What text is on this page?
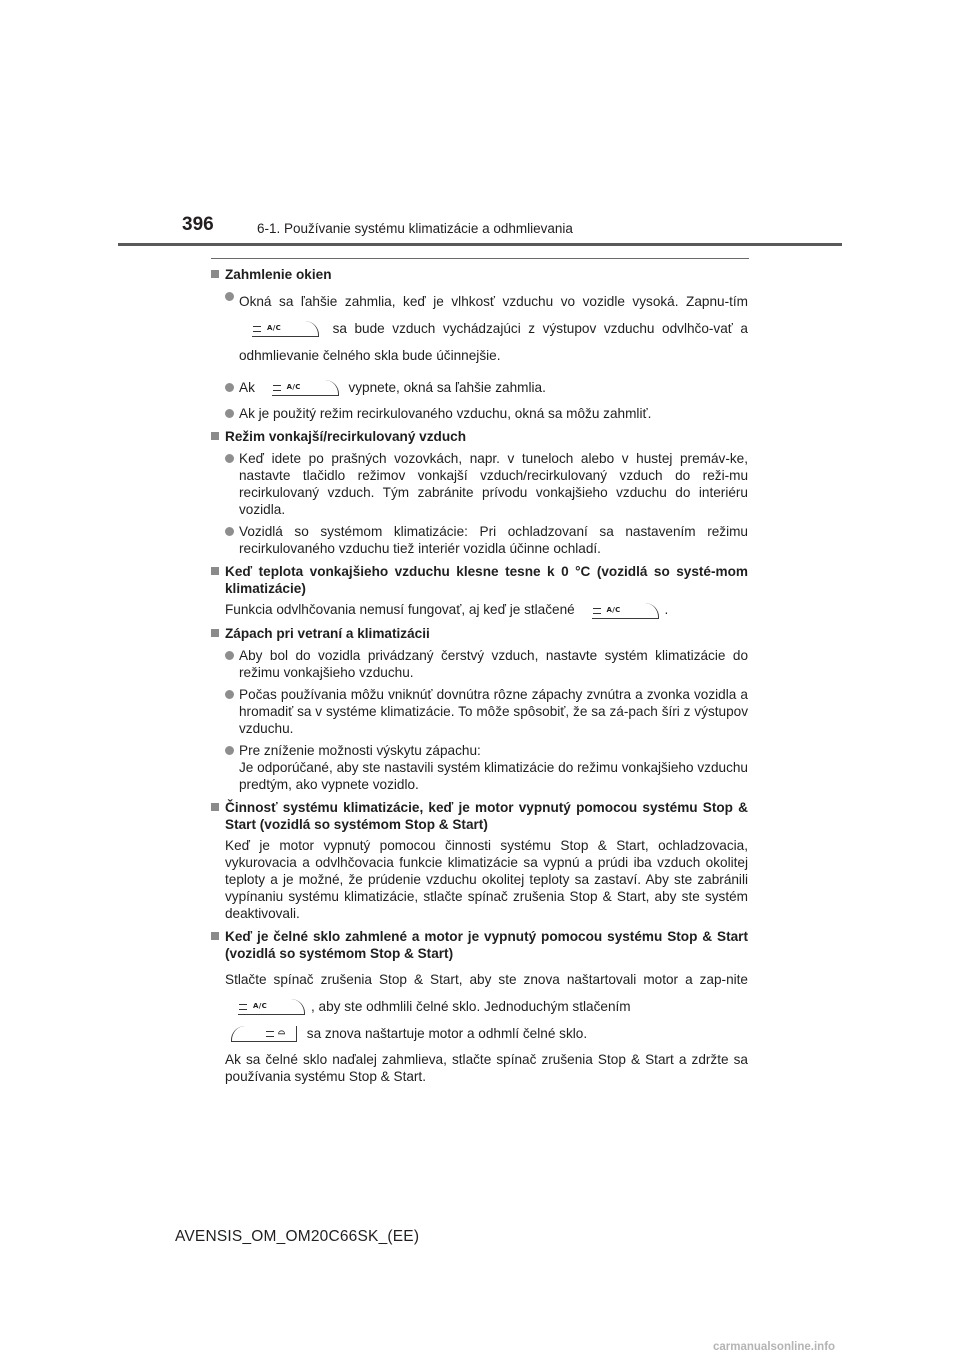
396	6-1. Používanie systému klimatizácie a odhmlievania
Zahmlenie okien
Okná sa ľahšie zahmlia, keď je vlhkosť vzduchu vo vozidle vysoká. Zapnu-tím
A/C	sa bude vzduch vychádzajúci z výstupov vzduchu odvlhčo-vať a odhmlievanie čelného skla bude účinnejšie.
Ak	A/C	vypnete, okná sa ľahšie zahmlia.
Ak je použitý režim recirkulovaného vzduchu, okná sa môžu zahmliť.
Režim vonkajší/recirkulovaný vzduch
Keď idete po prašných vozovkách, napr. v tuneloch alebo v hustej premáv-ke, nastavte tlačidlo režimov vonkajší vzduch/recirkulovaný vzduch do reži-mu recirkulovaný vzduch. Tým zabránite prívodu vonkajšieho vzduchu do interiéru vozidla.
Vozidlá so systémom klimatizácie: Pri ochladzovaní sa nastavením režimu recirkulovaného vzduchu tiež interiér vozidla účinne ochladí.
Keď teplota vonkajšieho vzduchu klesne tesne k 0 °C (vozidlá so systé-mom klimatizácie)
Funkcia odvlhčovania nemusí fungovať, aj keď je stlačené	A/C	.
Zápach pri vetraní a klimatizácii
Aby bol do vozidla privádzaný čerstvý vzduch, nastavte systém klimatizácie do režimu vonkajšieho vzduchu.
Počas používania môžu vniknúť dovnútra rôzne zápachy zvnútra a zvonka vozidla a hromadiť sa v systéme klimatizácie. To môže spôsobiť, že sa zá-pach šíri z výstupov vzduchu.
Pre zníženie možnosti výskytu zápachu:
Je odporúčané, aby ste nastavili systém klimatizácie do režimu vonkajšieho vzduchu predtým, ako vypnete vozidlo.
Činnosť systému klimatizácie, keď je motor vypnutý pomocou systému Stop & Start (vozidlá so systémom Stop & Start)
Keď je motor vypnutý pomocou činnosti systému Stop & Start, ochladzovacia, vykurovacia a odvlhčovacia funkcie klimatizácie sa vypnú a prúdi iba vzduch okolitej teploty a je možné, že prúdenie vzduchu okolitej teploty sa zastaví. Aby ste zabránili vypínaniu systému klimatizácie, stlačte spínač zrušenia Stop & Start, aby ste systém deaktivovali.
Keď je čelné sklo zahmlené a motor je vypnutý pomocou systému Stop & Start (vozidlá so systémom Stop & Start)
Stlačte spínač zrušenia Stop & Start, aby ste znova naštartovali motor a zap-nite
A/C	, aby ste odhmlili čelné sklo. Jednoduchým stlačením

⌓ sa znova naštartuje motor a odhmlí čelné sklo.
Ak sa čelné sklo naďalej zahmlieva, stlačte spínač zrušenia Stop & Start a zdržte sa používania systému Stop & Start.
AVENSIS_OM_OM20C66SK_(EE)
carmanualsonline.info
